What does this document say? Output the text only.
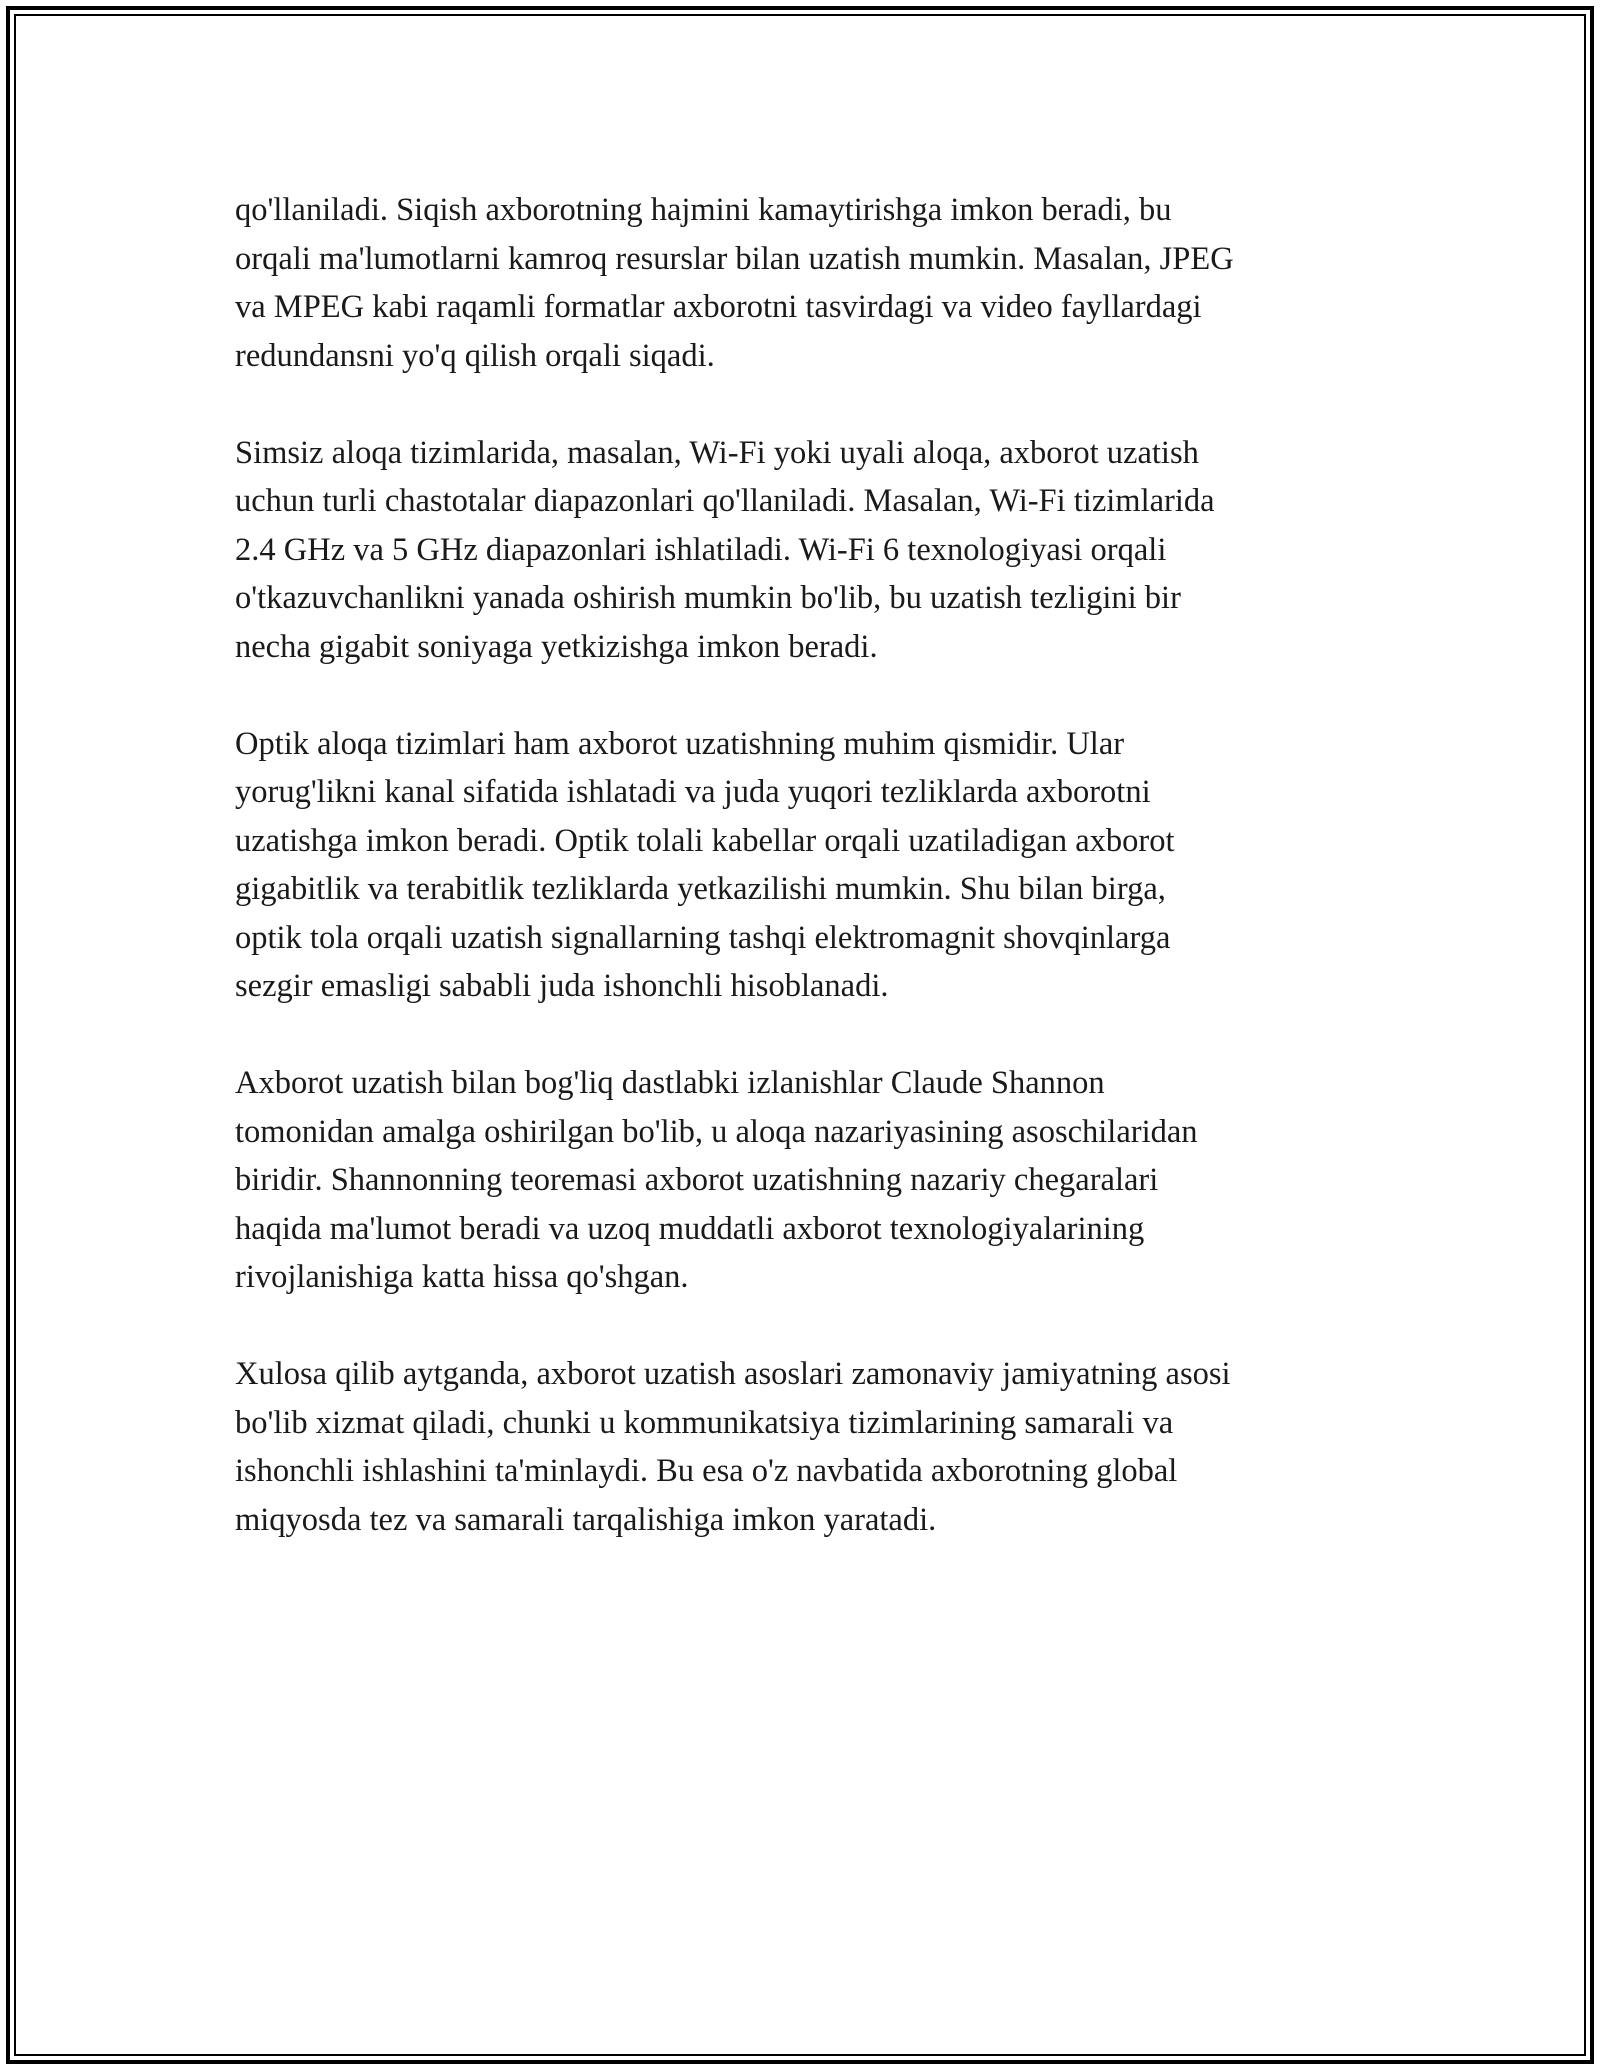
qo'llaniladi. Siqish axborotning hajmini kamaytirishga imkon beradi, bu
orqali ma'lumotlarni kamroq resurslar bilan uzatish mumkin. Masalan, JPEG
va MPEG kabi raqamli formatlar axborotni tasvirdagi va video fayllardagi
redundansni yo'q qilish orqali siqadi.

Simsiz aloqa tizimlarida, masalan, Wi-Fi yoki uyali aloqa, axborot uzatish
uchun turli chastotalar diapazonlari qo'llaniladi. Masalan, Wi-Fi tizimlarida
2.4 GHz va 5 GHz diapazonlari ishlatiladi. Wi-Fi 6 texnologiyasi orqali
o'tkazuvchanlikni yanada oshirish mumkin bo'lib, bu uzatish tezligini bir
necha gigabit soniyaga yetkizishga imkon beradi.

Optik aloqa tizimlari ham axborot uzatishning muhim qismidir. Ular
yorug'likni kanal sifatida ishlatadi va juda yuqori tezliklarda axborotni
uzatishga imkon beradi. Optik tolali kabellar orqali uzatiladigan axborot
gigabitlik va terabitlik tezliklarda yetkazilishi mumkin. Shu bilan birga,
optik tola orqali uzatish signallarning tashqi elektromagnit shovqinlarga
sezgir emasligi sababli juda ishonchli hisoblanadi.

Axborot uzatish bilan bog'liq dastlabki izlanishlar Claude Shannon
tomonidan amalga oshirilgan bo'lib, u aloqa nazariyasining asoschilaridan
biridir. Shannonning teoremasi axborot uzatishning nazariy chegaralari
haqida ma'lumot beradi va uzoq muddatli axborot texnologiyalarining
rivojlanishiga katta hissa qo'shgan.

Xulosa qilib aytganda, axborot uzatish asoslari zamonaviy jamiyatning asosi
bo'lib xizmat qiladi, chunki u kommunikatsiya tizimlarining samarali va
ishonchli ishlashini ta'minlaydi. Bu esa o'z navbatida axborotning global
miqyosda tez va samarali tarqalishiga imkon yaratadi.
